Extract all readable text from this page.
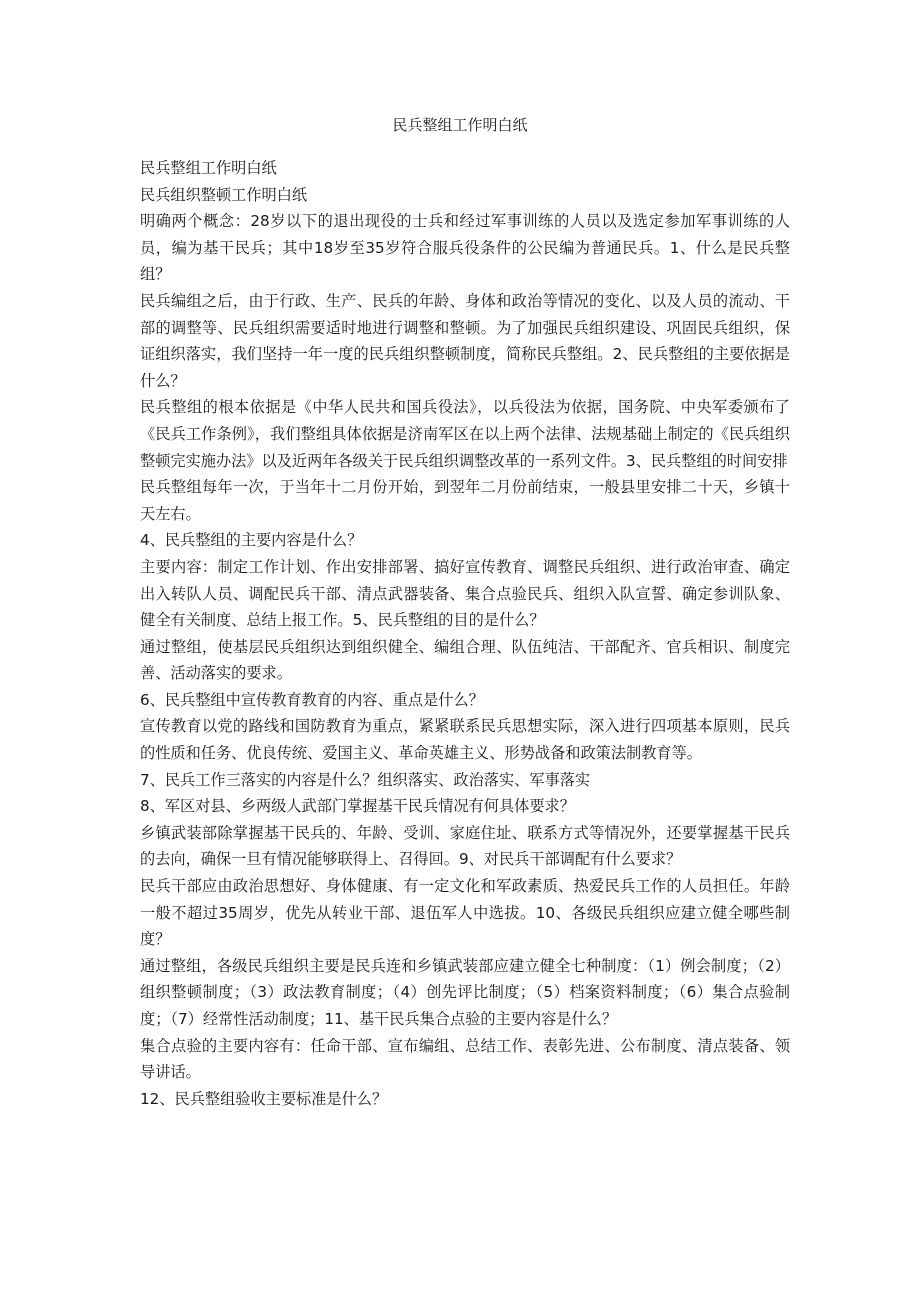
民兵整组工作明白纸

民兵整组工作明白纸

民兵组织整顿工作明白纸

明确两个概念：28岁以下的退出现役的士兵和经过军事训练的人员以及选定参加军事训练的人员，编为基干民兵；其中18岁至35岁符合服兵役条件的公民编为普通民兵。1、什么是民兵整组？

民兵编组之后，由于行政、生产、民兵的年龄、身体和政治等情况的变化、以及人员的流动、干部的调整等、民兵组织需要适时地进行调整和整顿。为了加强民兵组织建设、巩固民兵组织，保证组织落实，我们坚持一年一度的民兵组织整顿制度，简称民兵整组。2、民兵整组的主要依据是什么？

民兵整组的根本依据是《中华人民共和国兵役法》，以兵役法为依据，国务院、中央军委颁布了《民兵工作条例》，我们整组具体依据是济南军区在以上两个法律、法规基础上制定的《民兵组织整顿完实施办法》以及近两年各级关于民兵组织调整改革的一系列文件。3、民兵整组的时间安排

民兵整组每年一次，于当年十二月份开始，到翌年二月份前结束，一般县里安排二十天，乡镇十天左右。

4、民兵整组的主要内容是什么？

主要内容：制定工作计划、作出安排部署、搞好宣传教育、调整民兵组织、进行政治审查、确定出入转队人员、调配民兵干部、清点武器装备、集合点验民兵、组织入队宣誓、确定参训队象、健全有关制度、总结上报工作。5、民兵整组的目的是什么？

通过整组，使基层民兵组织达到组织健全、编组合理、队伍纯洁、干部配齐、官兵相识、制度完善、活动落实的要求。

6、民兵整组中宣传教育教育的内容、重点是什么？

宣传教育以党的路线和国防教育为重点，紧紧联系民兵思想实际，深入进行四项基本原则，民兵的性质和任务、优良传统、爱国主义、革命英雄主义、形势战备和政策法制教育等。

7、民兵工作三落实的内容是什么？组织落实、政治落实、军事落实

8、军区对县、乡两级人武部门掌握基干民兵情况有何具体要求？

乡镇武装部除掌握基干民兵的、年龄、受训、家庭住址、联系方式等情况外，还要掌握基干民兵的去向，确保一旦有情况能够联得上、召得回。9、对民兵干部调配有什么要求？

民兵干部应由政治思想好、身体健康、有一定文化和军政素质、热爱民兵工作的人员担任。年龄一般不超过35周岁，优先从转业干部、退伍军人中选拔。10、各级民兵组织应建立健全哪些制度？

通过整组，各级民兵组织主要是民兵连和乡镇武装部应建立健全七种制度：（1）例会制度；（2）组织整顿制度；（3）政法教育制度；（4）创先评比制度；（5）档案资料制度；（6）集合点验制度；（7）经常性活动制度；11、基干民兵集合点验的主要内容是什么？

集合点验的主要内容有：任命干部、宣布编组、总结工作、表彰先进、公布制度、清点装备、领导讲话。

12、民兵整组验收主要标准是什么？
